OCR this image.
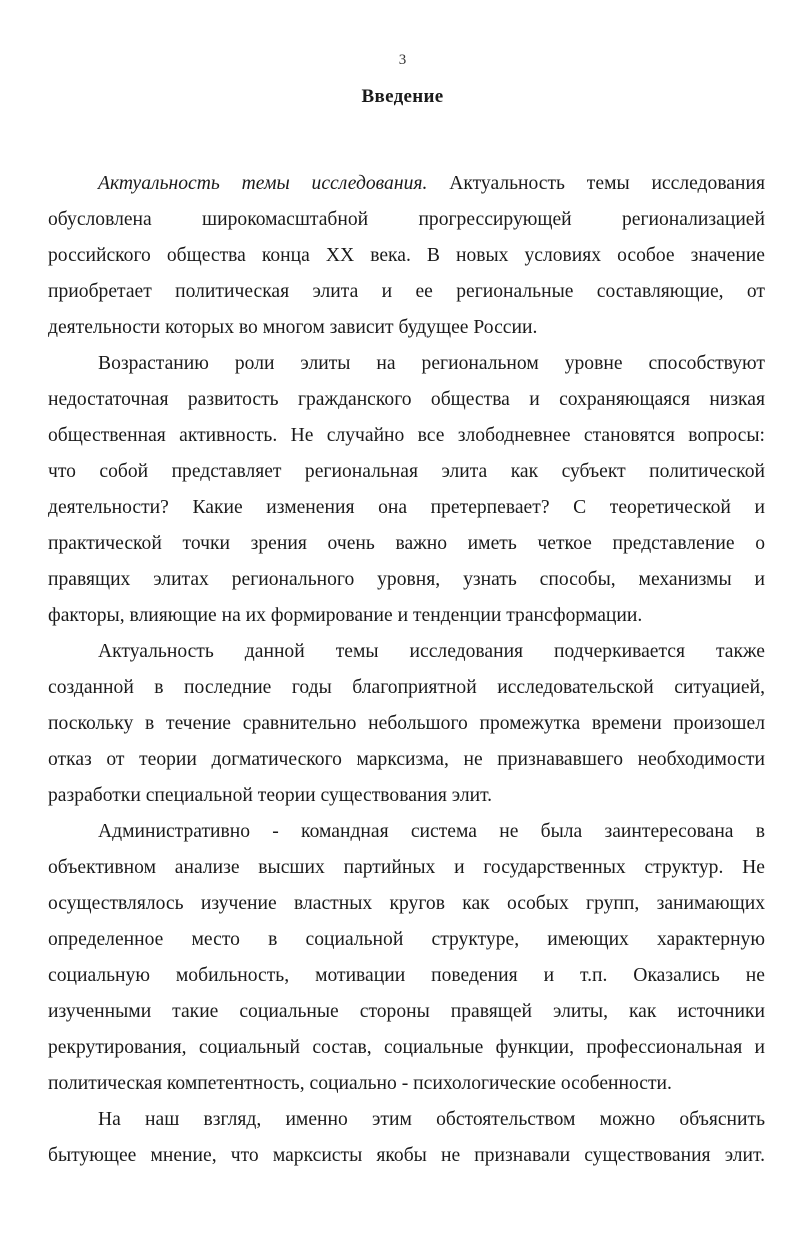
3
Введение
Актуальность темы исследования. Актуальность темы исследования
обусловлена широкомасштабной прогрессирующей регионализацией
российского общества конца XX века. В новых условиях особое значение
приобретает политическая элита и ее региональные составляющие, от
деятельности которых во многом зависит будущее России.
Возрастанию роли элиты на региональном уровне способствуют
недостаточная развитость гражданского общества и сохраняющаяся низкая
общественная активность. Не случайно все злободневнее становятся вопросы:
что собой представляет региональная элита как субъект политической
деятельности? Какие изменения она претерпевает? С теоретической и
практической точки зрения очень важно иметь четкое представление о
правящих элитах регионального уровня, узнать способы, механизмы и
факторы, влияющие на их формирование и тенденции трансформации.
Актуальность данной темы исследования подчеркивается также
созданной в последние годы благоприятной исследовательской ситуацией,
поскольку в течение сравнительно небольшого промежутка времени произошел
отказ от теории догматического марксизма, не признававшего необходимости
разработки специальной теории существования элит.
Административно - командная система не была заинтересована в
объективном анализе высших партийных и государственных структур. Не
осуществлялось изучение властных кругов как особых групп, занимающих
определенное место в социальной структуре, имеющих характерную
социальную мобильность, мотивации поведения и т.п. Оказались не
изученными такие социальные стороны правящей элиты, как источники
рекрутирования, социальный состав, социальные функции, профессиональная и
политическая компетентность, социально - психологические особенности.
На наш взгляд, именно этим обстоятельством можно объяснить
бытующее мнение, что марксисты якобы не признавали существования элит.
